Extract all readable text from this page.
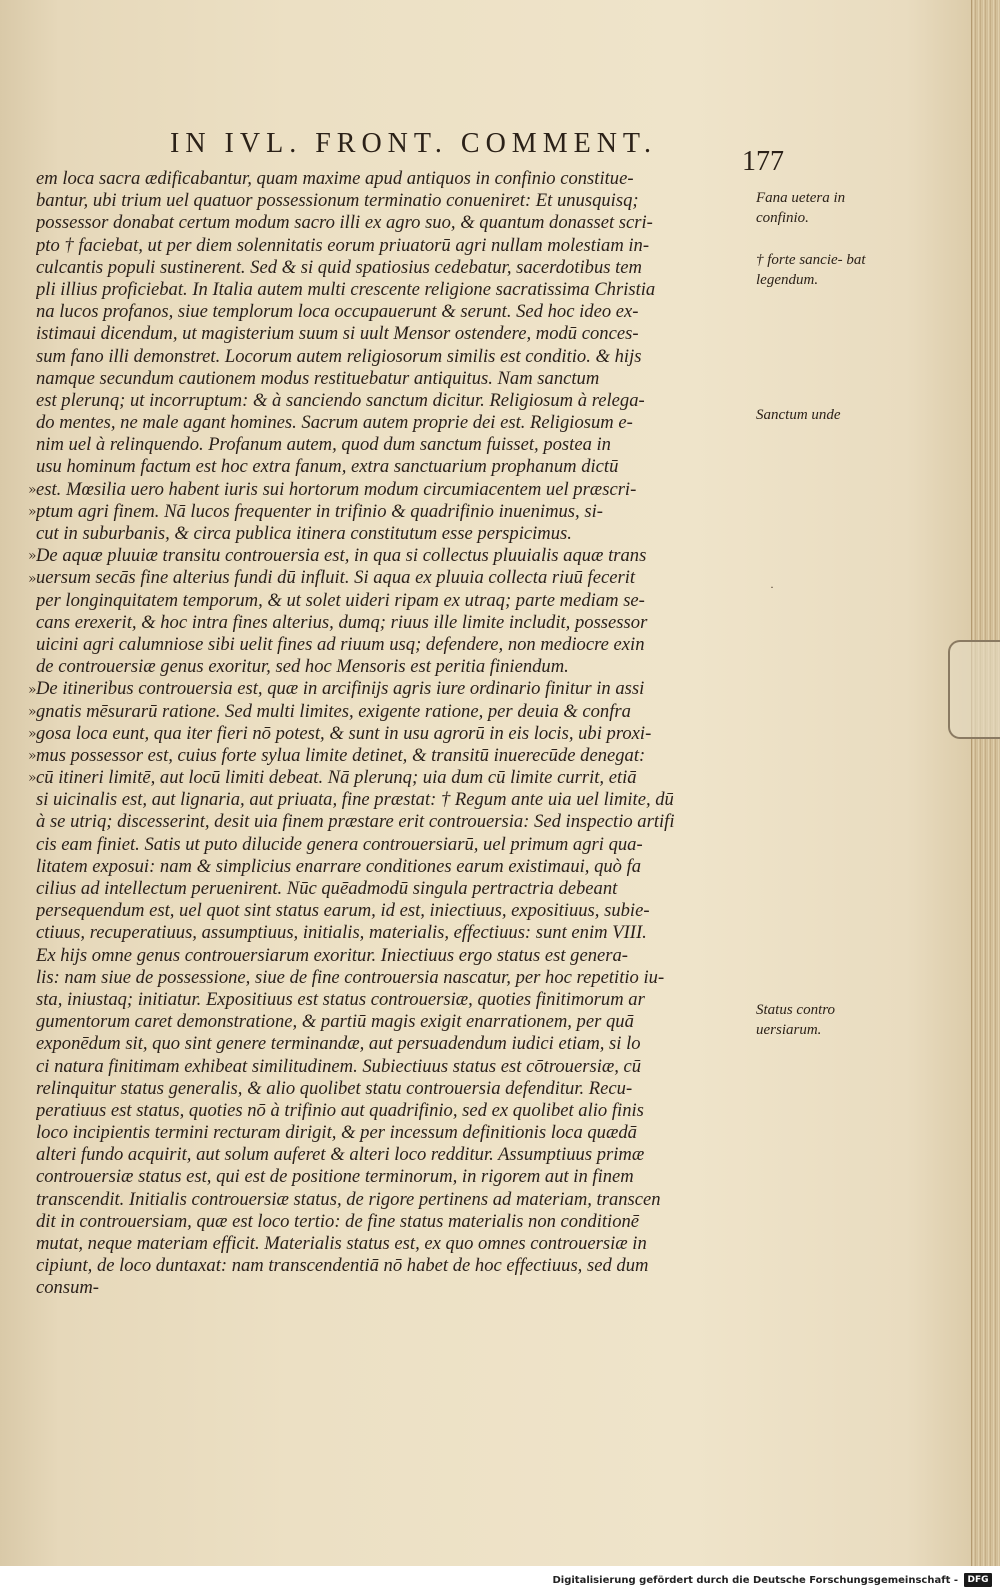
IN IVL. FRONT. COMMENT.
177
em loca sacra ædificabantur, quam maxime apud antiquos in confinio constitue-
bantur, ubi trium uel quatuor possessionum terminatio conueniret: Et unusquisq;
possessor donabat certum modum sacro illi ex agro suo, & quantum donasset scri-
pto † faciebat, ut per diem solennitatis eorum priuatorū agri nullam molestiam in-
culcantis populi sustinerent. Sed & si quid spatiosius cedebatur, sacerdotibus tem
pli illius proficiebat. In Italia autem multi crescente religione sacratissima Christia
na lucos profanos, siue templorum loca occupauerunt & serunt. Sed hoc ideo ex-
istimaui dicendum, ut magisterium suum si uult Mensor ostendere, modū conces-
sum fano illi demonstret. Locorum autem religiosorum similis est conditio. & hijs
namque secundum cautionem modus restituebatur antiquitus. Nam sanctum
est plerunq; ut incorruptum: & à sanciendo sanctum dicitur. Religiosum à relega-
do mentes, ne male agant homines. Sacrum autem proprie dei est. Religiosum e-
nim uel à relinquendo. Profanum autem, quod dum sanctum fuisset, postea in
usu hominum factum est hoc extra fanum, extra sanctuarium prophanum dictū
est. Mœsilia uero habent iuris sui hortorum modum circumiacentem uel præscri-
ptum agri finem. Nā lucos frequenter in trifinio & quadrifinio inuenimus, si-
cut in suburbanis, & circa publica itinera constitutum esse perspicimus.
De aquæ pluuiæ transitu controuersia est, in qua si collectus pluuialis aquæ trans
uersum secās fine alterius fundi dū influit. Si aqua ex pluuia collecta riuū fecerit
per longinquitatem temporum, & ut solet uideri ripam ex utraq; parte mediam se-
cans erexerit, & hoc intra fines alterius, dumq; riuus ille limite includit, possessor
uicini agri calumniose sibi uelit fines ad riuum usq; defendere, non mediocre exin
de controuersiæ genus exoritur, sed hoc Mensoris est peritia finiendum.
De itineribus controuersia est, quæ in arcifinijs agris iure ordinario finitur in assi
gnatis mēsurarū ratione. Sed multi limites, exigente ratione, per deuia & confra
gosa loca eunt, qua iter fieri nō potest, & sunt in usu agrorū in eis locis, ubi proxi-
mus possessor est, cuius forte sylua limite detinet, & transitū inuerecūde denegat:
cū itineri limitē, aut locū limiti debeat. Nā plerunq; uia dum cū limite currit, etiā
si uicinalis est, aut lignaria, aut priuata, fine præstat: † Regum ante uia uel limite, dū
à se utriq; discesserint, desit uia finem præstare erit controuersia: Sed inspectio artifi
cis eam finiet. Satis ut puto dilucide genera controuersiarū, uel primum agri qua-
litatem exposui: nam & simplicius enarrare conditiones earum existimaui, quò fa
cilius ad intellectum peruenirent. Nūc quēadmodū singula pertractria debeant
persequendum est, uel quot sint status earum, id est, iniectiuus, expositiuus, subie-
ctiuus, recuperatiuus, assumptiuus, initialis, materialis, effectiuus: sunt enim VIII.
Ex hijs omne genus controuersiarum exoritur. Iniectiuus ergo status est genera-
lis: nam siue de possessione, siue de fine controuersia nascatur, per hoc repetitio iu-
sta, iniustaq; initiatur. Expositiuus est status controuersiæ, quoties finitimorum ar
gumentorum caret demonstratione, & partiū magis exigit enarrationem, per quā
exponēdum sit, quo sint genere terminandæ, aut persuadendum iudici etiam, si lo
ci natura finitimam exhibeat similitudinem. Subiectiuus status est cōtrouersiæ, cū
relinquitur status generalis, & alio quolibet statu controuersia defenditur. Recu-
peratiuus est status, quoties nō à trifinio aut quadrifinio, sed ex quolibet alio finis
loco incipientis termini recturam dirigit, & per incessum definitionis loca quædā
alteri fundo acquirit, aut solum auferet & alteri loco redditur. Assumptiuus primæ
controuersiæ status est, qui est de positione terminorum, in rigorem aut in finem
transcendit. Initialis controuersiæ status, de rigore pertinens ad materiam, transcen
dit in controuersiam, quæ est loco tertio: de fine status materialis non conditionē
mutat, neque materiam efficit. Materialis status est, ex quo omnes controuersiæ in
cipiunt, de loco duntaxat: nam transcendentiā nō habet de hoc effectiuus, sed dum
consum-
»
»
»
»
»
»
»
»
»
Fana uetera in confinio.
† forte sancie- bat legendum.
Sanctum unde
Status contro uersiarum.
·
Digitalisierung gefördert durch die Deutsche Forschungsgemeinschaft -	DFG
